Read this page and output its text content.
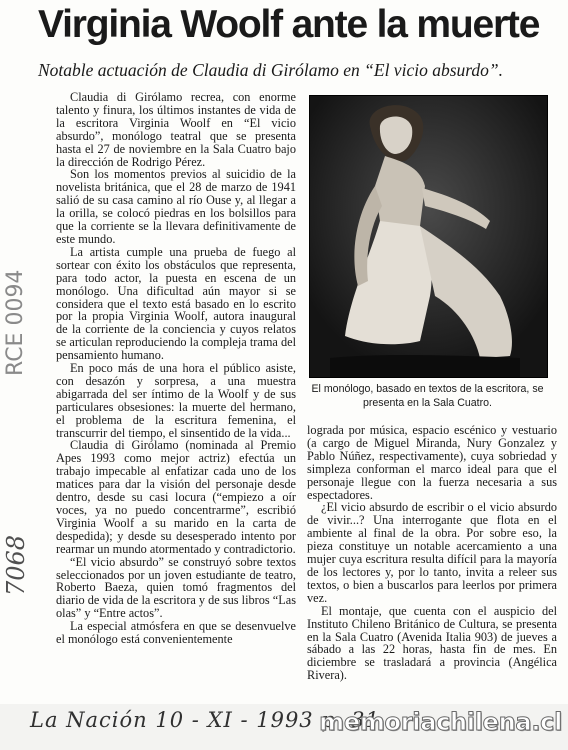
Virginia Woolf ante la muerte
Notable actuación de Claudia di Girólamo en “El vicio absurdo”.
RCE 0094
7068

Claudia di Girólamo recrea, con enorme talento y finura, los últimos instantes de vida de la escritora Virginia Woolf en “El vicio absurdo”, monólogo teatral que se presenta hasta el 27 de noviembre en la Sala Cuatro bajo la dirección de Rodrigo Pérez.

Son los momentos previos al suicidio de la novelista británica, que el 28 de marzo de 1941 salió de su casa camino al río Ouse y, al llegar a la orilla, se colocó piedras en los bolsillos para que la corriente se la llevara definitivamente de este mundo.

La artista cumple una prueba de fuego al sortear con éxito los obstáculos que representa, para todo actor, la puesta en escena de un monólogo. Una dificultad aún mayor si se considera que el texto está basado en lo escrito por la propia Virginia Woolf, autora inaugural de la corriente de la conciencia y cuyos relatos se articulan reproduciendo la compleja trama del pensamiento humano.

En poco más de una hora el público asiste, con desazón y sorpresa, a una muestra abigarrada del ser íntimo de la Woolf y de sus particulares obsesiones: la muerte del hermano, el problema de la escritura femenina, el transcurrir del tiempo, el sinsentido de la vida...

Claudia di Girólamo (nominada al Premio Apes 1993 como mejor actriz) efectúa un trabajo impecable al enfatizar cada uno de los matices para dar la visión del personaje desde dentro, desde su casi locura (“empiezo a oír voces, ya no puedo concentrarme”, escribió Virginia Woolf a su marido en la carta de despedida); y desde su desesperado intento por rearmar un mundo atormentado y contradictorio.

“El vicio absurdo” se construyó sobre textos seleccionados por un joven estudiante de teatro, Roberto Baeza, quien tomó fragmentos del diario de vida de la escritora y de sus libros “Las olas” y “Entre actos”.

La especial atmósfera en que se desenvuelve el monólogo está convenientemente

El monólogo, basado en textos de la escritora, se presenta en la Sala Cuatro.

lograda por música, espacio escénico y vestuario (a cargo de Miguel Miranda, Nury Gonzalez y Pablo Núñez, respectivamente), cuya sobriedad y simpleza conforman el marco ideal para que el personaje llegue con la fuerza necesaria a sus espectadores.

¿El vicio absurdo de escribir o el vicio absurdo de vivir...? Una interrogante que flota en el ambiente al final de la obra. Por sobre eso, la pieza constituye un notable acercamiento a una mujer cuya escritura resulta difícil para la mayoría de los lectores y, por lo tanto, invita a releer sus textos, o bien a buscarlos para leerlos por primera vez.

El montaje, que cuenta con el auspicio del Instituto Chileno Británico de Cultura, se presenta en la Sala Cuatro (Avenida Italia 903) de jueves a sábado a las 22 horas, hasta fin de mes. En diciembre se trasladará a provincia (Angélica Rivera).

La Nación 10 - XI - 1993 p. 31
memoriachilena.cl
